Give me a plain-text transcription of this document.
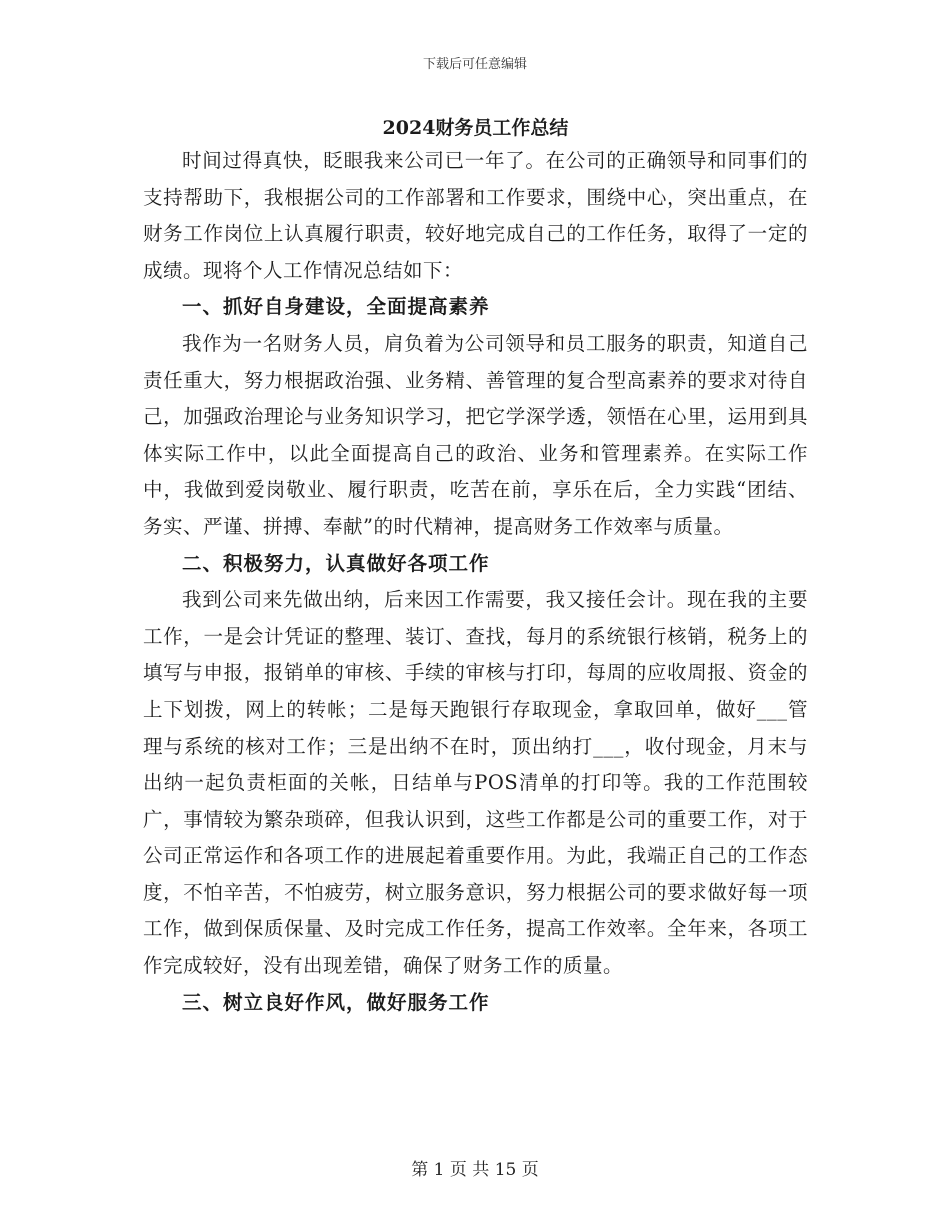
下载后可任意编辑

2024财务员工作总结

时间过得真快，眨眼我来公司已一年了。在公司的正确领导和同事们的支持帮助下，我根据公司的工作部署和工作要求，围绕中心，突出重点，在财务工作岗位上认真履行职责，较好地完成自己的工作任务，取得了一定的成绩。现将个人工作情况总结如下：

一、抓好自身建设，全面提高素养

我作为一名财务人员，肩负着为公司领导和员工服务的职责，知道自己责任重大，努力根据政治强、业务精、善管理的复合型高素养的要求对待自己，加强政治理论与业务知识学习，把它学深学透，领悟在心里，运用到具体实际工作中，以此全面提高自己的政治、业务和管理素养。在实际工作中，我做到爱岗敬业、履行职责，吃苦在前，享乐在后，全力实践“团结、务实、严谨、拼搏、奉献”的时代精神，提高财务工作效率与质量。

二、积极努力，认真做好各项工作

我到公司来先做出纳，后来因工作需要，我又接任会计。现在我的主要工作，一是会计凭证的整理、装订、查找，每月的系统银行核销，税务上的填写与申报，报销单的审核、手续的审核与打印，每周的应收周报、资金的上下划拨，网上的转帐；二是每天跑银行存取现金，拿取回单，做好___管理与系统的核对工作；三是出纳不在时，顶出纳打___，收付现金，月末与出纳一起负责柜面的关帐，日结单与POS清单的打印等。我的工作范围较广，事情较为繁杂琐碎，但我认识到，这些工作都是公司的重要工作，对于公司正常运作和各项工作的进展起着重要作用。为此，我端正自己的工作态度，不怕辛苦，不怕疲劳，树立服务意识，努力根据公司的要求做好每一项工作，做到保质保量、及时完成工作任务，提高工作效率。全年来，各项工作完成较好，没有出现差错，确保了财务工作的质量。

三、树立良好作风，做好服务工作

第 1 页 共 15 页
